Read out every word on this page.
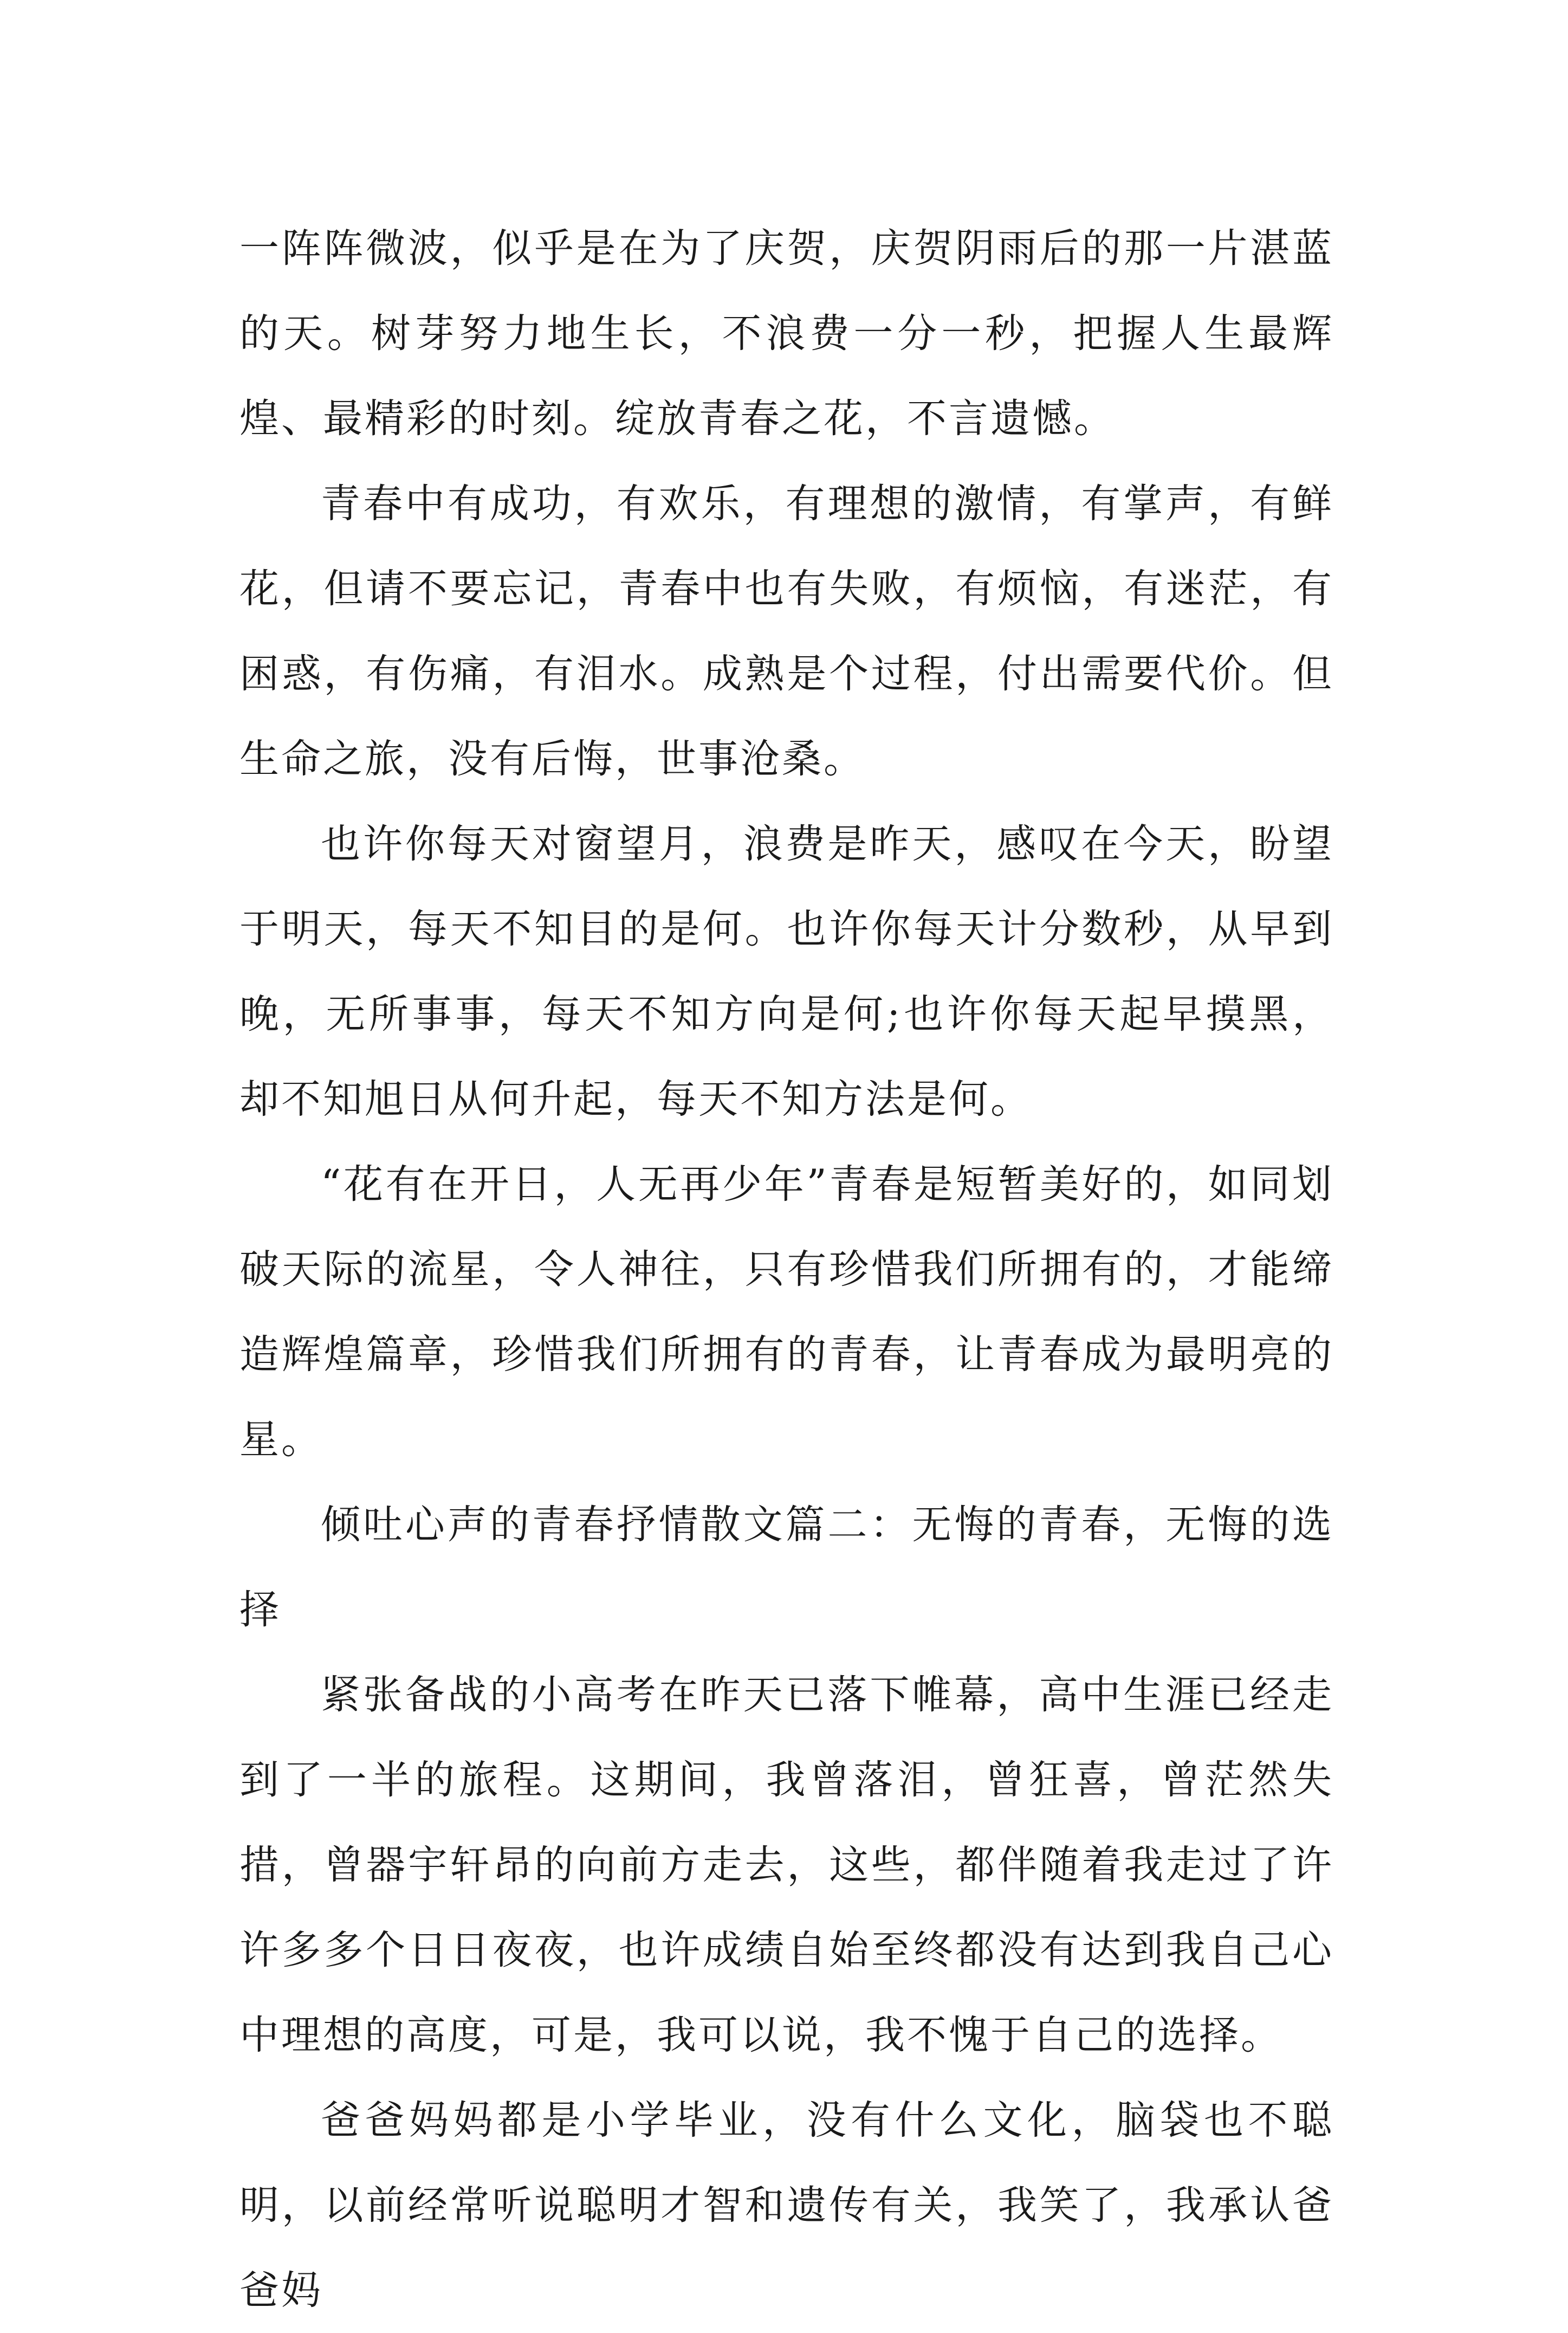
一阵阵微波，似乎是在为了庆贺，庆贺阴雨后的那一片湛蓝的天。树芽努力地生长，不浪费一分一秒，把握人生最辉煌、最精彩的时刻。绽放青春之花，不言遗憾。

青春中有成功，有欢乐，有理想的激情，有掌声，有鲜花，但请不要忘记，青春中也有失败，有烦恼，有迷茫，有困惑，有伤痛，有泪水。成熟是个过程，付出需要代价。但生命之旅，没有后悔，世事沧桑。

也许你每天对窗望月，浪费是昨天，感叹在今天，盼望于明天，每天不知目的是何。也许你每天计分数秒，从早到晚，无所事事，每天不知方向是何;也许你每天起早摸黑，却不知旭日从何升起，每天不知方法是何。

“花有在开日，人无再少年”青春是短暂美好的，如同划破天际的流星，令人神往，只有珍惜我们所拥有的，才能缔造辉煌篇章，珍惜我们所拥有的青春，让青春成为最明亮的星。

倾吐心声的青春抒情散文篇二：无悔的青春，无悔的选择

紧张备战的小高考在昨天已落下帷幕，高中生涯已经走到了一半的旅程。这期间，我曾落泪，曾狂喜，曾茫然失措，曾器宇轩昂的向前方走去，这些，都伴随着我走过了许许多多个日日夜夜，也许成绩自始至终都没有达到我自己心中理想的高度，可是，我可以说，我不愧于自己的选择。

爸爸妈妈都是小学毕业，没有什么文化，脑袋也不聪明，以前经常听说聪明才智和遗传有关，我笑了，我承认爸爸妈
